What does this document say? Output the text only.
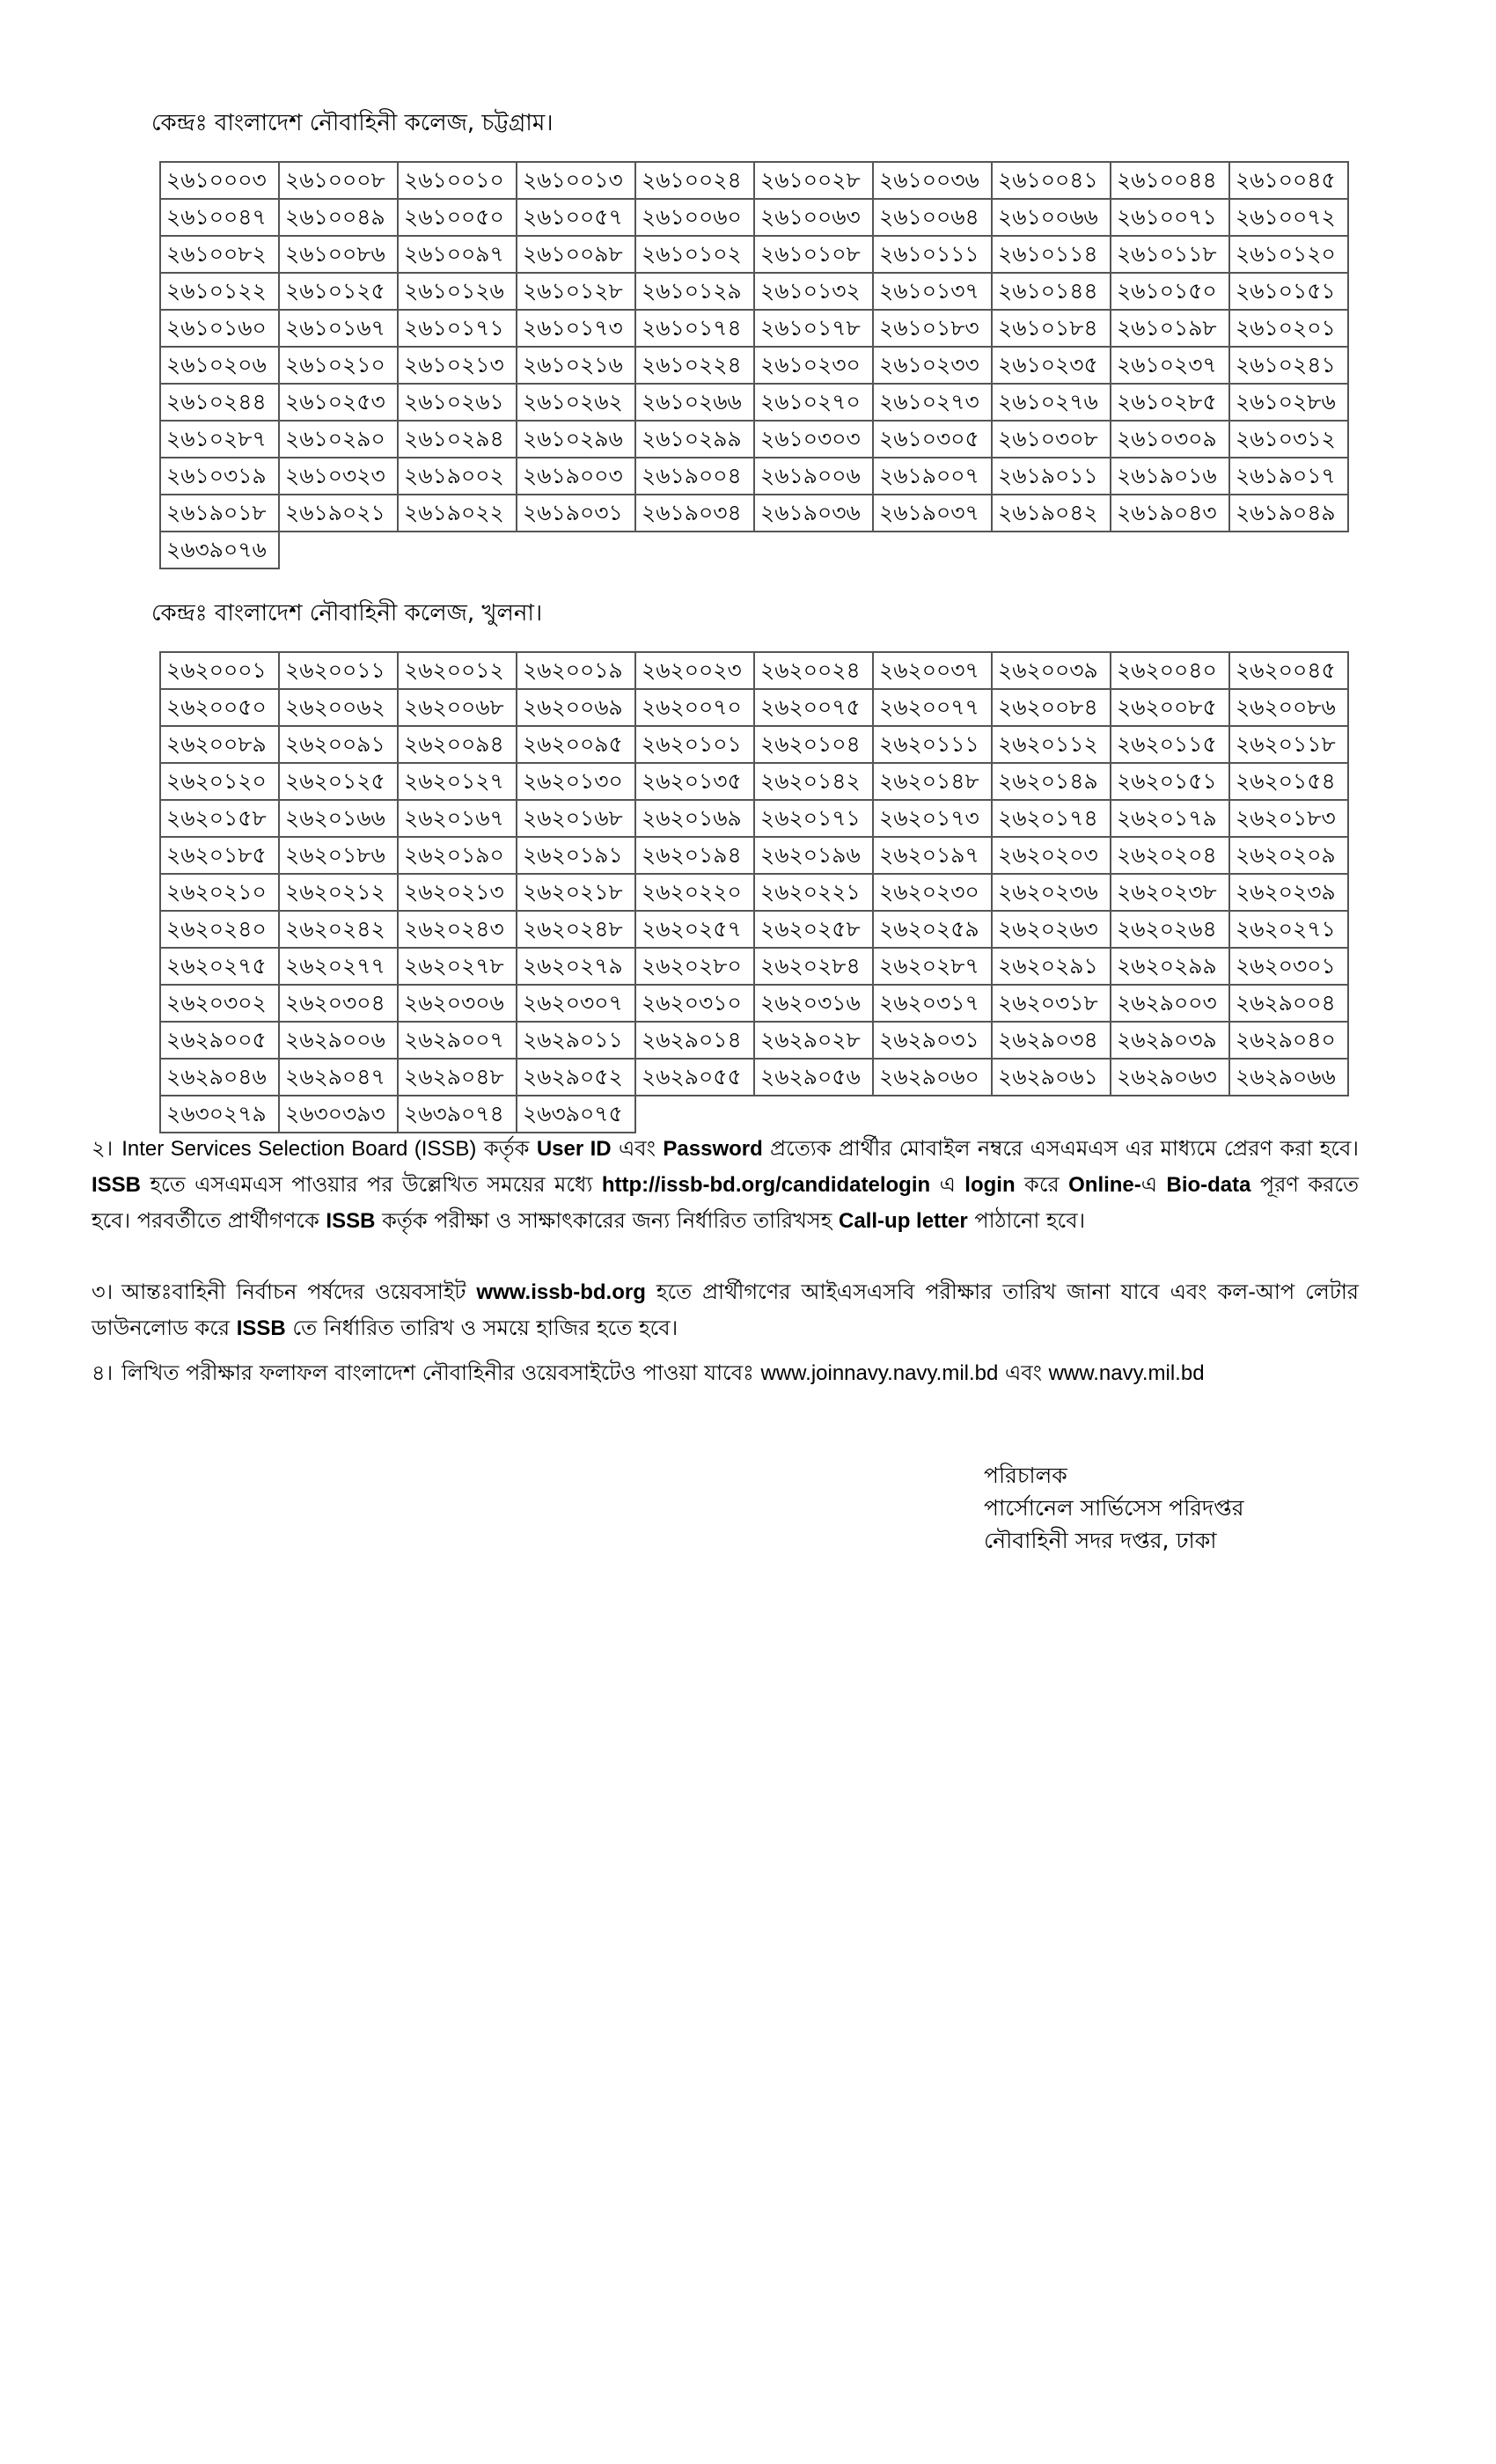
কেন্দ্রঃ বাংলাদেশ নৌবাহিনী কলেজ, চট্টগ্রাম।
২৬১০০০৩	২৬১০০০৮	২৬১০০১০	২৬১০০১৩	২৬১০০২৪	২৬১০০২৮	২৬১০০৩৬	২৬১০০৪১	২৬১০০৪৪	২৬১০০৪৫
২৬১০০৪৭	২৬১০০৪৯	২৬১০০৫০	২৬১০০৫৭	২৬১০০৬০	২৬১০০৬৩	২৬১০০৬৪	২৬১০০৬৬	২৬১০০৭১	২৬১০০৭২
২৬১০০৮২	২৬১০০৮৬	২৬১০০৯৭	২৬১০০৯৮	২৬১০১০২	২৬১০১০৮	২৬১০১১১	২৬১০১১৪	২৬১০১১৮	২৬১০১২০
২৬১০১২২	২৬১০১২৫	২৬১০১২৬	২৬১০১২৮	২৬১০১২৯	২৬১০১৩২	২৬১০১৩৭	২৬১০১৪৪	২৬১০১৫০	২৬১০১৫১
২৬১০১৬০	২৬১০১৬৭	২৬১০১৭১	২৬১০১৭৩	২৬১০১৭৪	২৬১০১৭৮	২৬১০১৮৩	২৬১০১৮৪	২৬১০১৯৮	২৬১০২০১
২৬১০২০৬	২৬১০২১০	২৬১০২১৩	২৬১০২১৬	২৬১০২২৪	২৬১০২৩০	২৬১০২৩৩	২৬১০২৩৫	২৬১০২৩৭	২৬১০২৪১
২৬১০২৪৪	২৬১০২৫৩	২৬১০২৬১	২৬১০২৬২	২৬১০২৬৬	২৬১০২৭০	২৬১০২৭৩	২৬১০২৭৬	২৬১০২৮৫	২৬১০২৮৬
২৬১০২৮৭	২৬১০২৯০	২৬১০২৯৪	২৬১০২৯৬	২৬১০২৯৯	২৬১০৩০৩	২৬১০৩০৫	২৬১০৩০৮	২৬১০৩০৯	২৬১০৩১২
২৬১০৩১৯	২৬১০৩২৩	২৬১৯০০২	২৬১৯০০৩	২৬১৯০০৪	২৬১৯০০৬	২৬১৯০০৭	২৬১৯০১১	২৬১৯০১৬	২৬১৯০১৭
২৬১৯০১৮	২৬১৯০২১	২৬১৯০২২	২৬১৯০৩১	২৬১৯০৩৪	২৬১৯০৩৬	২৬১৯০৩৭	২৬১৯০৪২	২৬১৯০৪৩	২৬১৯০৪৯
২৬৩৯০৭৬									
কেন্দ্রঃ বাংলাদেশ নৌবাহিনী কলেজ, খুলনা।
২৬২০০০১	২৬২০০১১	২৬২০০১২	২৬২০০১৯	২৬২০০২৩	২৬২০০২৪	২৬২০০৩৭	২৬২০০৩৯	২৬২০০৪০	২৬২০০৪৫
২৬২০০৫০	২৬২০০৬২	২৬২০০৬৮	২৬২০০৬৯	২৬২০০৭০	২৬২০০৭৫	২৬২০০৭৭	২৬২০০৮৪	২৬২০০৮৫	২৬২০০৮৬
২৬২০০৮৯	২৬২০০৯১	২৬২০০৯৪	২৬২০০৯৫	২৬২০১০১	২৬২০১০৪	২৬২০১১১	২৬২০১১২	২৬২০১১৫	২৬২০১১৮
২৬২০১২০	২৬২০১২৫	২৬২০১২৭	২৬২০১৩০	২৬২০১৩৫	২৬২০১৪২	২৬২০১৪৮	২৬২০১৪৯	২৬২০১৫১	২৬২০১৫৪
২৬২০১৫৮	২৬২০১৬৬	২৬২০১৬৭	২৬২০১৬৮	২৬২০১৬৯	২৬২০১৭১	২৬২০১৭৩	২৬২০১৭৪	২৬২০১৭৯	২৬২০১৮৩
২৬২০১৮৫	২৬২০১৮৬	২৬২০১৯০	২৬২০১৯১	২৬২০১৯৪	২৬২০১৯৬	২৬২০১৯৭	২৬২০২০৩	২৬২০২০৪	২৬২০২০৯
২৬২০২১০	২৬২০২১২	২৬২০২১৩	২৬২০২১৮	২৬২০২২০	২৬২০২২১	২৬২০২৩০	২৬২০২৩৬	২৬২০২৩৮	২৬২০২৩৯
২৬২০২৪০	২৬২০২৪২	২৬২০২৪৩	২৬২০২৪৮	২৬২০২৫৭	২৬২০২৫৮	২৬২০২৫৯	২৬২০২৬৩	২৬২০২৬৪	২৬২০২৭১
২৬২০২৭৫	২৬২০২৭৭	২৬২০২৭৮	২৬২০২৭৯	২৬২০২৮০	২৬২০২৮৪	২৬২০২৮৭	২৬২০২৯১	২৬২০২৯৯	২৬২০৩০১
২৬২০৩০২	২৬২০৩০৪	২৬২০৩০৬	২৬২০৩০৭	২৬২০৩১০	২৬২০৩১৬	২৬২০৩১৭	২৬২০৩১৮	২৬২৯০০৩	২৬২৯০০৪
২৬২৯০০৫	২৬২৯০০৬	২৬২৯০০৭	২৬২৯০১১	২৬২৯০১৪	২৬২৯০২৮	২৬২৯০৩১	২৬২৯০৩৪	২৬২৯০৩৯	২৬২৯০৪০
২৬২৯০৪৬	২৬২৯০৪৭	২৬২৯০৪৮	২৬২৯০৫২	২৬২৯০৫৫	২৬২৯০৫৬	২৬২৯০৬০	২৬২৯০৬১	২৬২৯০৬৩	২৬২৯০৬৬
২৬৩০২৭৯	২৬৩০৩৯৩	২৬৩৯০৭৪	২৬৩৯০৭৫						
২। Inter Services Selection Board (ISSB) কর্তৃক User ID এবং Password প্রত্যেক প্রার্থীর মোবাইল নম্বরে এসএমএস এর মাধ্যমে প্রেরণ করা হবে। ISSB হতে এসএমএস পাওয়ার পর উল্লেখিত সময়ের মধ্যে http://issb-bd.org/candidatelogin এ login করে Online-এ Bio-data পূরণ করতে হবে। পরবর্তীতে প্রার্থীগণকে ISSB কর্তৃক পরীক্ষা ও সাক্ষাৎকারের জন্য নির্ধারিত তারিখসহ Call-up letter পাঠানো হবে।
৩। আন্তঃবাহিনী নির্বাচন পর্ষদের ওয়েবসাইট www.issb-bd.org হতে প্রার্থীগণের আইএসএসবি পরীক্ষার তারিখ জানা যাবে এবং কল-আপ লেটার ডাউনলোড করে ISSB তে নির্ধারিত তারিখ ও সময়ে হাজির হতে হবে।
৪। লিখিত পরীক্ষার ফলাফল বাংলাদেশ নৌবাহিনীর ওয়েবসাইটেও পাওয়া যাবেঃ www.joinnavy.navy.mil.bd এবং www.navy.mil.bd
পরিচালক
পার্সোনেল সার্ভিসেস পরিদপ্তর
নৌবাহিনী সদর দপ্তর, ঢাকা
